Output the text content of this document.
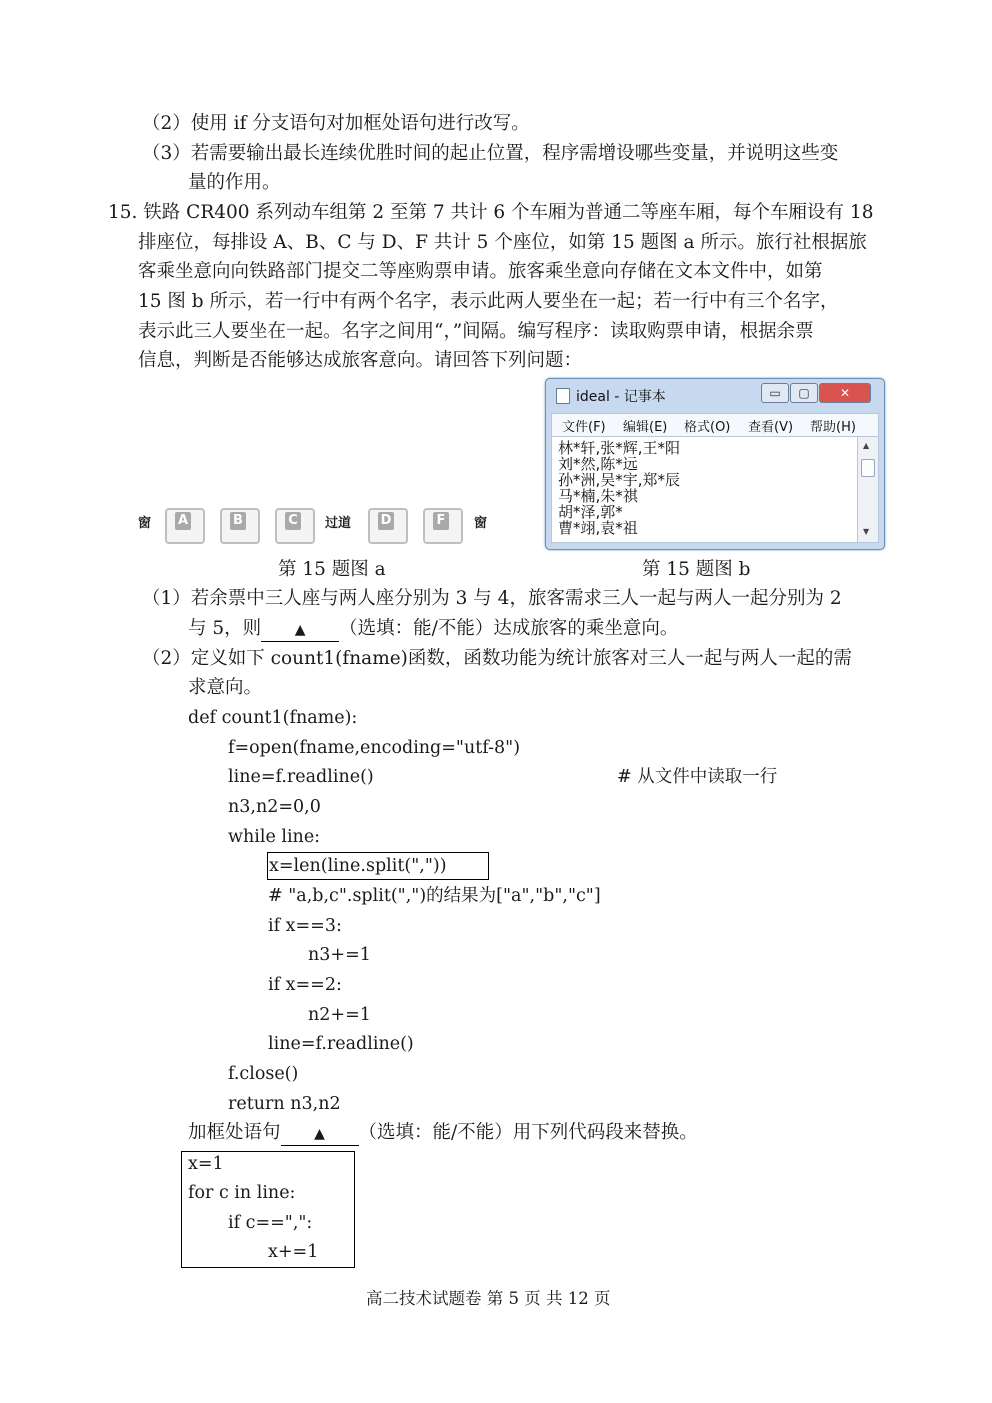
（2）使用 if 分支语句对加框处语句进行改写。
（3）若需要输出最长连续优胜时间的起止位置，程序需增设哪些变量，并说明这些变
量的作用。
15. 铁路 CR400 系列动车组第 2 至第 7 共计 6 个车厢为普通二等座车厢，每个车厢设有 18
排座位，每排设 A、B、C 与 D、F 共计 5 个座位，如第 15 题图 a 所示。旅行社根据旅
客乘坐意向向铁路部门提交二等座购票申请。旅客乘坐意向存储在文本文件中，如第
15 图 b 所示，若一行中有两个名字，表示此两人要坐在一起；若一行中有三个名字，
表示此三人要坐在一起。名字之间用“，”间隔。编写程序：读取购票申请，根据余票
信息，判断是否能够达成旅客意向。请回答下列问题：
窗 A	B	C 过道 D	F 窗
第 15 题图 a
ideal - 记事本	▭	▢	✕
文件(F) 编辑(E) 格式(O) 查看(V) 帮助(H)
林*轩,张*辉,王*阳
刘*然,陈*远
孙*洲,吴*宇,郑*辰
马*楠,朱*祺
胡*泽,郭*
曹*翊,袁*祖
▲
▼
第 15 题图 b
（1）若余票中三人座与两人座分别为 3 与 4，旅客需求三人一起与两人一起分别为 2
与 5，则 ▲ （选填：能/不能）达成旅客的乘坐意向。
（2）定义如下 count1(fname)函数，函数功能为统计旅客对三人一起与两人一起的需
求意向。
def count1(fname):
f=open(fname,encoding="utf-8")
line=f.readline()	# 从文件中读取一行
n3,n2=0,0
while line:
x=len(line.split(","))
# "a,b,c".split(",")的结果为["a","b","c"]
if x==3:
n3+=1
if x==2:
n2+=1
line=f.readline()
f.close()
return n3,n2
加框处语句 ▲ （选填：能/不能）用下列代码段来替换。
x=1
for c in line:
if c==",":
x+=1
高二技术试题卷 第 5 页 共 12 页
